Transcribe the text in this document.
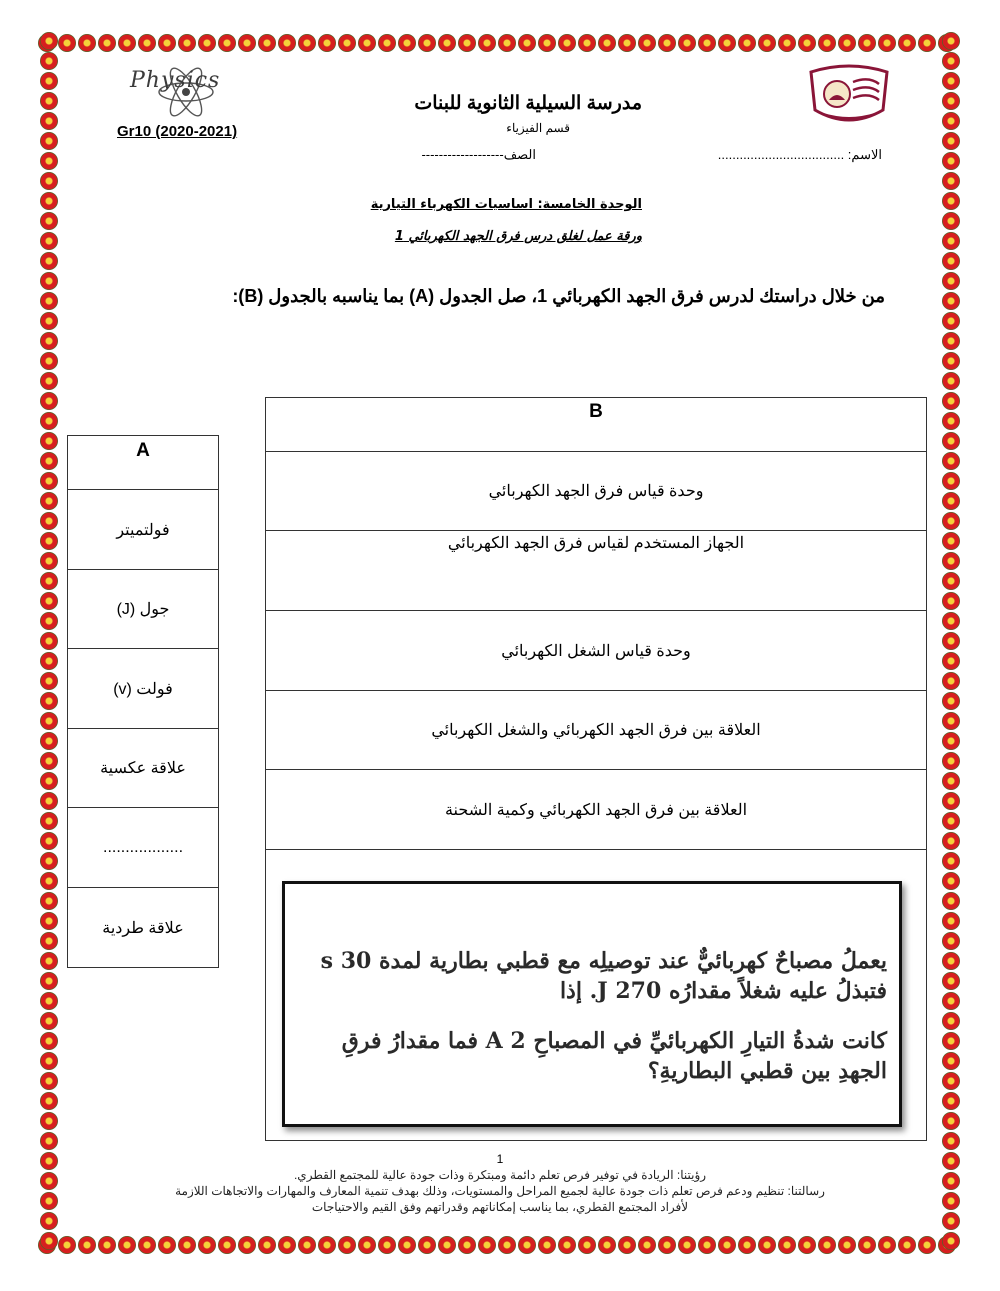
Physics
Gr10 (2020-2021)
مدرسة السيلية الثانوية للبنات
قسم الفيزياء
الاسم: ...................................
الصف-------------------
الوحدة الخامسة: اساسيات الكهرباء التيارية
ورقة عمل لغلق درس فرق الجهد الكهربائي 1
من خلال دراستك لدرس فرق الجهد الكهربائي 1، صل الجدول (A) بما يناسبه بالجدول (B):
A
فولتميتر
جول (J)
فولت (v)
علاقة عكسية
..................
علاقة طردية
B
وحدة قياس فرق الجهد الكهربائي
الجهاز المستخدم لقياس فرق الجهد الكهربائي
وحدة قياس الشغل الكهربائي
العلاقة بين فرق الجهد الكهربائي والشغل الكهربائي
العلاقة بين فرق الجهد الكهربائي وكمية الشحنة

يعملُ مصباحٌ كهربائيٌّ عند توصيلِه مع قطبي بطارية لمدة 30 s فتبذلُ عليه شغلاً مقدارُه J 270. إذا

كانت شدةُ التيارِ الكهربائيِّ في المصباحِ A 2 فما مقدارُ فرقِ الجهدِ بين قطبي البطاريةِ؟

1
رؤيتنا: الريادة في توفير فرص تعلم دائمة ومبتكرة وذات جودة عالية للمجتمع القطري.
رسالتنا: تنظيم ودعم فرص تعلم ذات جودة عالية لجميع المراحل والمستويات، وذلك بهدف تنمية المعارف والمهارات والاتجاهات اللازمة
لأفراد المجتمع القطري، بما يناسب إمكاناتهم وقدراتهم وفق القيم والاحتياجات
